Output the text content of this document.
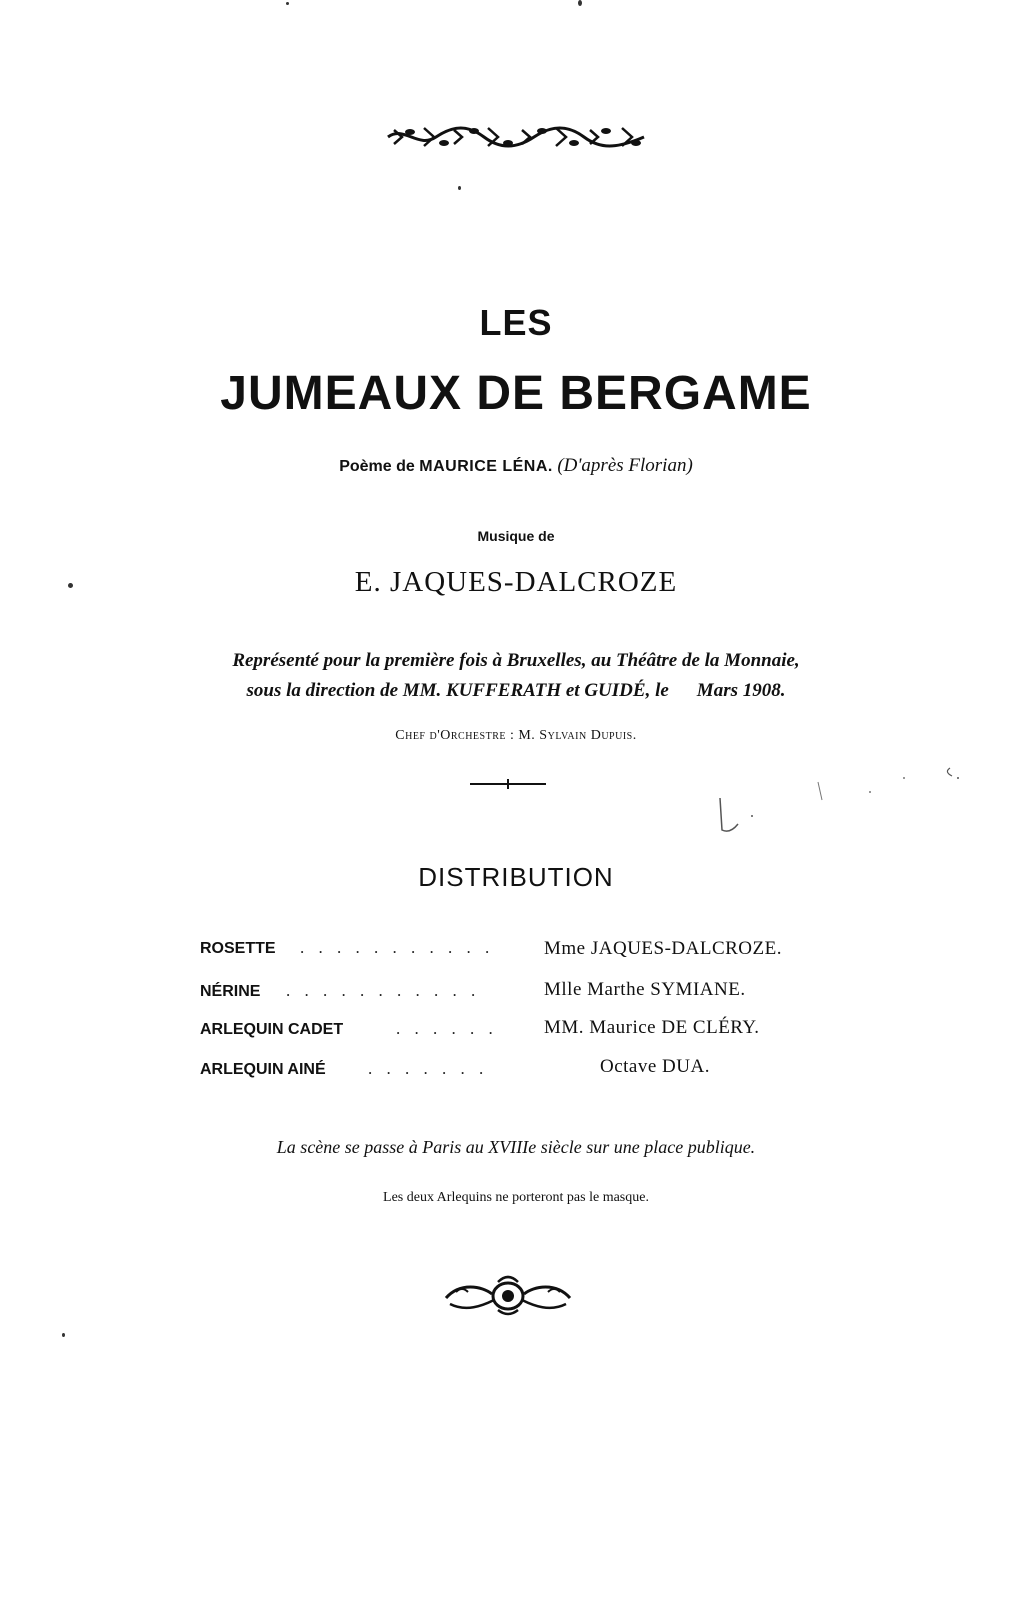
LES
JUMEAUX DE BERGAME
Poème de MAURICE LÉNA. (D'après Florian)
Musique de
E. JAQUES-DALCROZE
Représenté pour la première fois à Bruxelles, au Théâtre de la Monnaie,
sous la direction de MM. KUFFERATH et GUIDÉ, le Mars 1908.
Chef d'Orchestre : M. Sylvain Dupuis.
DISTRIBUTION
ROSETTE . . . . . . . . . . .	Mme JAQUES-DALCROZE.
NÉRINE . . . . . . . . . . .	Mlle Marthe SYMIANE.
ARLEQUIN CADET	. . . . . . MM. Maurice DE CLÉRY.
ARLEQUIN AINÉ . . . . . . .	Octave DUA.
La scène se passe à Paris au XVIIIe siècle sur une place publique.
Les deux Arlequins ne porteront pas le masque.
